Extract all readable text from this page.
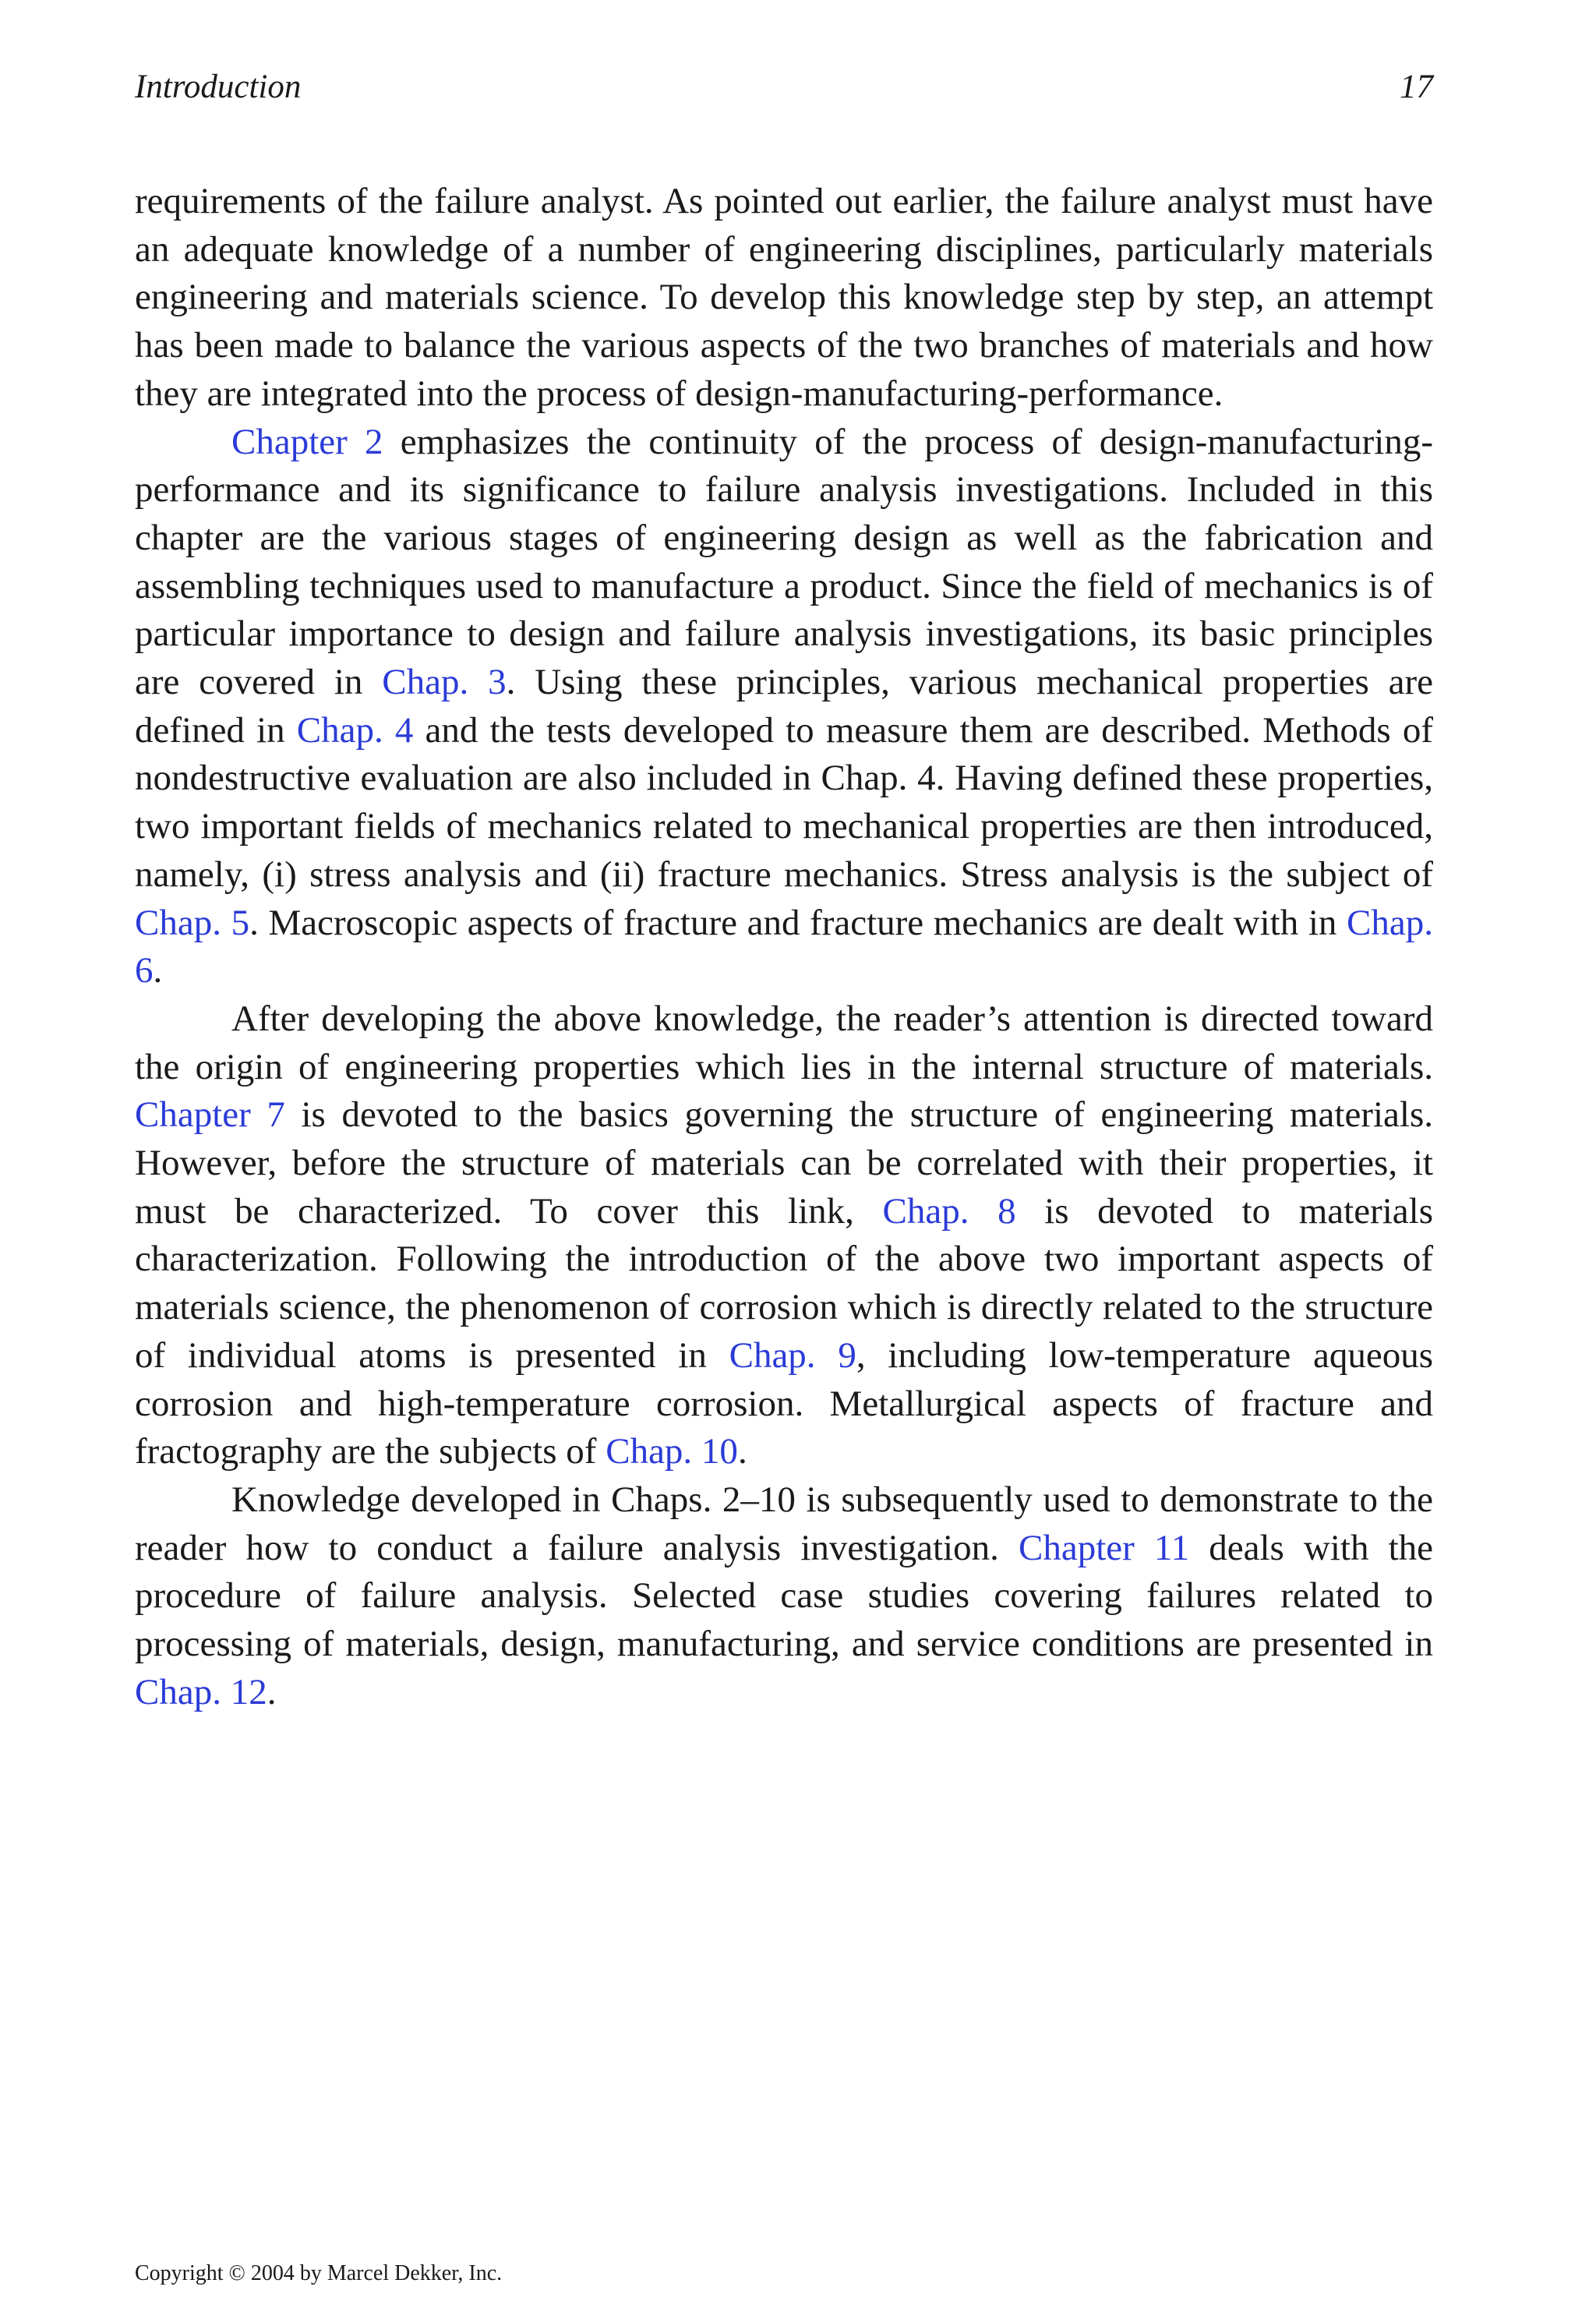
Introduction	17

requirements of the failure analyst. As pointed out earlier, the failure analyst must have an adequate knowledge of a number of engineering disciplines, particularly materials engineering and materials science. To develop this knowledge step by step, an attempt has been made to balance the various aspects of the two branches of materials and how they are integrated into the process of design-manufacturing-performance.

Chapter 2 emphasizes the continuity of the process of design-manufacturing-performance and its significance to failure analysis investigations. Included in this chapter are the various stages of engineering design as well as the fabrication and assembling techniques used to manufacture a product. Since the field of mechanics is of particular importance to design and failure analysis investigations, its basic principles are covered in Chap. 3. Using these principles, various mechanical properties are defined in Chap. 4 and the tests developed to measure them are described. Methods of nondestructive evaluation are also included in Chap. 4. Having defined these properties, two important fields of mechanics related to mechanical properties are then introduced, namely, (i) stress analysis and (ii) fracture mechanics. Stress analysis is the subject of Chap. 5. Macroscopic aspects of fracture and fracture mechanics are dealt with in Chap. 6.

After developing the above knowledge, the reader’s attention is directed toward the origin of engineering properties which lies in the internal structure of materials. Chapter 7 is devoted to the basics governing the structure of engineering materials. However, before the structure of materials can be correlated with their properties, it must be characterized. To cover this link, Chap. 8 is devoted to materials characterization. Following the introduction of the above two important aspects of materials science, the phenomenon of corrosion which is directly related to the structure of individual atoms is presented in Chap. 9, including low-temperature aqueous corrosion and high-temperature corrosion. Metallurgical aspects of fracture and fractography are the subjects of Chap. 10.

Knowledge developed in Chaps. 2–10 is subsequently used to demonstrate to the reader how to conduct a failure analysis investigation. Chapter 11 deals with the procedure of failure analysis. Selected case studies covering failures related to processing of materials, design, manufacturing, and service conditions are presented in Chap. 12.

Copyright © 2004 by Marcel Dekker, Inc.
